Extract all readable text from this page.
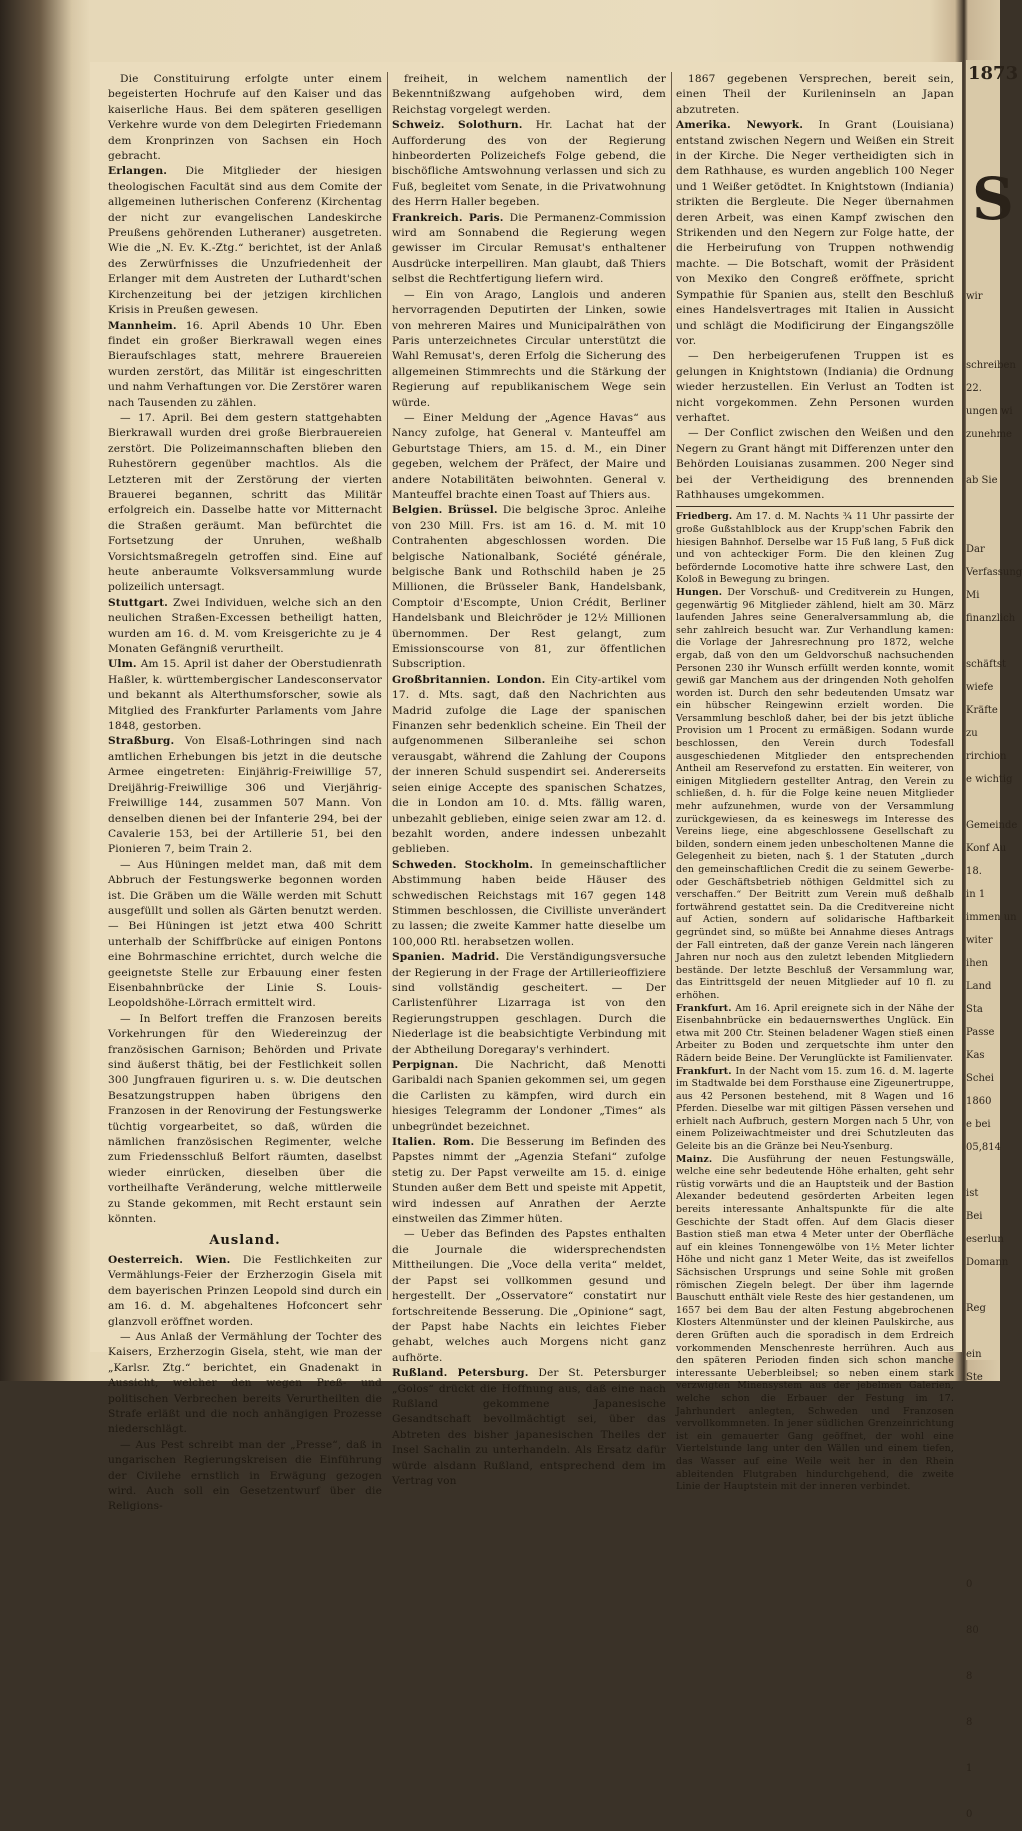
Die Constituirung erfolgte unter einem begeisterten Hochrufe auf den Kaiser und das kaiserliche Haus. Bei dem späteren geselligen Verkehre wurde von dem Delegirten Friedemann dem Kronprinzen von Sachsen ein Hoch gebracht.

Erlangen. Die Mitglieder der hiesigen theologischen Facultät sind aus dem Comite der allgemeinen lutherischen Conferenz (Kirchentag der nicht zur evangelischen Landeskirche Preußens gehörenden Lutheraner) ausgetreten. Wie die „N. Ev. K.-Ztg.“ berichtet, ist der Anlaß des Zerwürfnisses die Unzufriedenheit der Erlanger mit dem Austreten der Luthardt'schen Kirchenzeitung bei der jetzigen kirchlichen Krisis in Preußen gewesen.

Mannheim. 16. April Abends 10 Uhr. Eben findet ein großer Bierkrawall wegen eines Bieraufschlages statt, mehrere Brauereien wurden zerstört, das Militär ist eingeschritten und nahm Verhaftungen vor. Die Zerstörer waren nach Tausenden zu zählen.

— 17. April. Bei dem gestern stattgehabten Bierkrawall wurden drei große Bierbrauereien zerstört. Die Polizeimannschaften blieben den Ruhestörern gegenüber machtlos. Als die Letzteren mit der Zerstörung der vierten Brauerei begannen, schritt das Militär erfolgreich ein. Dasselbe hatte vor Mitternacht die Straßen geräumt. Man befürchtet die Fortsetzung der Unruhen, weßhalb Vorsichtsmaßregeln getroffen sind. Eine auf heute anberaumte Volksversammlung wurde polizeilich untersagt.

Stuttgart. Zwei Individuen, welche sich an den neulichen Straßen-Excessen betheiligt hatten, wurden am 16. d. M. vom Kreisgerichte zu je 4 Monaten Gefängniß verurtheilt.

Ulm. Am 15. April ist daher der Oberstudienrath Haßler, k. württembergischer Landesconservator und bekannt als Alterthumsforscher, sowie als Mitglied des Frankfurter Parlaments vom Jahre 1848, gestorben.

Straßburg. Von Elsaß-Lothringen sind nach amtlichen Erhebungen bis jetzt in die deutsche Armee eingetreten: Einjährig-Freiwillige 57, Dreijährig-Freiwillige 306 und Vierjährig-Freiwillige 144, zusammen 507 Mann. Von denselben dienen bei der Infanterie 294, bei der Cavalerie 153, bei der Artillerie 51, bei den Pionieren 7, beim Train 2.

— Aus Hüningen meldet man, daß mit dem Abbruch der Festungswerke begonnen worden ist. Die Gräben um die Wälle werden mit Schutt ausgefüllt und sollen als Gärten benutzt werden. — Bei Hüningen ist jetzt etwa 400 Schritt unterhalb der Schiffbrücke auf einigen Pontons eine Bohrmaschine errichtet, durch welche die geeignetste Stelle zur Erbauung einer festen Eisenbahnbrücke der Linie S. Louis-Leopoldshöhe-Lörrach ermittelt wird.

— In Belfort treffen die Franzosen bereits Vorkehrungen für den Wiedereinzug der französischen Garnison; Behörden und Private sind äußerst thätig, bei der Festlichkeit sollen 300 Jungfrauen figuriren u. s. w. Die deutschen Besatzungstruppen haben übrigens den Franzosen in der Renovirung der Festungswerke tüchtig vorgearbeitet, so daß, würden die nämlichen französischen Regimenter, welche zum Friedensschluß Belfort räumten, daselbst wieder einrücken, dieselben über die vortheilhafte Veränderung, welche mittlerweile zu Stande gekommen, mit Recht erstaunt sein könnten.

Ausland.

Oesterreich. Wien. Die Festlichkeiten zur Vermählungs-Feier der Erzherzogin Gisela mit dem bayerischen Prinzen Leopold sind durch ein am 16. d. M. abgehaltenes Hofconcert sehr glanzvoll eröffnet worden.

— Aus Anlaß der Vermählung der Tochter des Kaisers, Erzherzogin Gisela, steht, wie man der „Karlsr. Ztg.“ berichtet, ein Gnadenakt in Aussicht, welcher den wegen Preß- und politischen Verbrechen bereits Verurtheilten die Strafe erläßt und die noch anhängigen Prozesse niederschlägt.

— Aus Pest schreibt man der „Presse“, daß in ungarischen Regierungskreisen die Einführung der Civilehe ernstlich in Erwägung gezogen wird. Auch soll ein Gesetzentwurf über die Religions-

freiheit, in welchem namentlich der Bekenntnißzwang aufgehoben wird, dem Reichstag vorgelegt werden.

Schweiz. Solothurn. Hr. Lachat hat der Aufforderung des von der Regierung hinbeorderten Polizeichefs Folge gebend, die bischöfliche Amtswohnung verlassen und sich zu Fuß, begleitet vom Senate, in die Privatwohnung des Herrn Haller begeben.

Frankreich. Paris. Die Permanenz-Commission wird am Sonnabend die Regierung wegen gewisser im Circular Remusat's enthaltener Ausdrücke interpelliren. Man glaubt, daß Thiers selbst die Rechtfertigung liefern wird.

— Ein von Arago, Langlois und anderen hervorragenden Deputirten der Linken, sowie von mehreren Maires und Municipalräthen von Paris unterzeichnetes Circular unterstützt die Wahl Remusat's, deren Erfolg die Sicherung des allgemeinen Stimmrechts und die Stärkung der Regierung auf republikanischem Wege sein würde.

— Einer Meldung der „Agence Havas“ aus Nancy zufolge, hat General v. Manteuffel am Geburtstage Thiers, am 15. d. M., ein Diner gegeben, welchem der Präfect, der Maire und andere Notabilitäten beiwohnten. General v. Manteuffel brachte einen Toast auf Thiers aus.

Belgien. Brüssel. Die belgische 3proc. Anleihe von 230 Mill. Frs. ist am 16. d. M. mit 10 Contrahenten abgeschlossen worden. Die belgische Nationalbank, Société générale, belgische Bank und Rothschild haben je 25 Millionen, die Brüsseler Bank, Handelsbank, Comptoir d'Escompte, Union Crédit, Berliner Handelsbank und Bleichröder je 12½ Millionen übernommen. Der Rest gelangt, zum Emissionscourse von 81, zur öffentlichen Subscription.

Großbritannien. London. Ein City-artikel vom 17. d. Mts. sagt, daß den Nachrichten aus Madrid zufolge die Lage der spanischen Finanzen sehr bedenklich scheine. Ein Theil der aufgenommenen Silberanleihe sei schon verausgabt, während die Zahlung der Coupons der inneren Schuld suspendirt sei. Andererseits seien einige Accepte des spanischen Schatzes, die in London am 10. d. Mts. fällig waren, unbezahlt geblieben, einige seien zwar am 12. d. bezahlt worden, andere indessen unbezahlt geblieben.

Schweden. Stockholm. In gemeinschaftlicher Abstimmung haben beide Häuser des schwedischen Reichstags mit 167 gegen 148 Stimmen beschlossen, die Civilliste unverändert zu lassen; die zweite Kammer hatte dieselbe um 100,000 Rtl. herabsetzen wollen.

Spanien. Madrid. Die Verständigungsversuche der Regierung in der Frage der Artillerieoffiziere sind vollständig gescheitert. — Der Carlistenführer Lizarraga ist von den Regierungstruppen geschlagen. Durch die Niederlage ist die beabsichtigte Verbindung mit der Abtheilung Doregaray's verhindert.

Perpignan. Die Nachricht, daß Menotti Garibaldi nach Spanien gekommen sei, um gegen die Carlisten zu kämpfen, wird durch ein hiesiges Telegramm der Londoner „Times“ als unbegründet bezeichnet.

Italien. Rom. Die Besserung im Befinden des Papstes nimmt der „Agenzia Stefani“ zufolge stetig zu. Der Papst verweilte am 15. d. einige Stunden außer dem Bett und speiste mit Appetit, wird indessen auf Anrathen der Aerzte einstweilen das Zimmer hüten.

— Ueber das Befinden des Papstes enthalten die Journale die widersprechendsten Mittheilungen. Die „Voce della verita“ meldet, der Papst sei vollkommen gesund und hergestellt. Der „Osservatore“ constatirt nur fortschreitende Besserung. Die „Opinione“ sagt, der Papst habe Nachts ein leichtes Fieber gehabt, welches auch Morgens nicht ganz aufhörte.

Rußland. Petersburg. Der St. Petersburger „Golos“ drückt die Hoffnung aus, daß eine nach Rußland gekommene Japanesische Gesandtschaft bevollmächtigt sei, über das Abtreten des bisher japanesischen Theiles der Insel Sachalin zu unterhandeln. Als Ersatz dafür würde alsdann Rußland, entsprechend dem im Vertrag von

1867 gegebenen Versprechen, bereit sein, einen Theil der Kurileninseln an Japan abzutreten.

Amerika. Newyork. In Grant (Louisiana) entstand zwischen Negern und Weißen ein Streit in der Kirche. Die Neger vertheidigten sich in dem Rathhause, es wurden angeblich 100 Neger und 1 Weißer getödtet. In Knightstown (Indiania) strikten die Bergleute. Die Neger übernahmen deren Arbeit, was einen Kampf zwischen den Strikenden und den Negern zur Folge hatte, der die Herbeirufung von Truppen nothwendig machte. — Die Botschaft, womit der Präsident von Mexiko den Congreß eröffnete, spricht Sympathie für Spanien aus, stellt den Beschluß eines Handelsvertrages mit Italien in Aussicht und schlägt die Modificirung der Eingangszölle vor.

— Den herbeigerufenen Truppen ist es gelungen in Knightstown (Indiania) die Ordnung wieder herzustellen. Ein Verlust an Todten ist nicht vorgekommen. Zehn Personen wurden verhaftet.

— Der Conflict zwischen den Weißen und den Negern zu Grant hängt mit Differenzen unter den Behörden Louisianas zusammen. 200 Neger sind bei der Vertheidigung des brennenden Rathhauses umgekommen.

Friedberg. Am 17. d. M. Nachts ¾ 11 Uhr passirte der große Gußstahlblock aus der Krupp'schen Fabrik den hiesigen Bahnhof. Derselbe war 15 Fuß lang, 5 Fuß dick und von achteckiger Form. Die den kleinen Zug befördernde Locomotive hatte ihre schwere Last, den Koloß in Bewegung zu bringen.

Hungen. Der Vorschuß- und Creditverein zu Hungen, gegenwärtig 96 Mitglieder zählend, hielt am 30. März laufenden Jahres seine Generalversammlung ab, die sehr zahlreich besucht war. Zur Verhandlung kamen: die Vorlage der Jahresrechnung pro 1872, welche ergab, daß von den um Geldvorschuß nachsuchenden Personen 230 ihr Wunsch erfüllt werden konnte, womit gewiß gar Manchem aus der dringenden Noth geholfen worden ist. Durch den sehr bedeutenden Umsatz war ein hübscher Reingewinn erzielt worden. Die Versammlung beschloß daher, bei der bis jetzt übliche Provision um 1 Procent zu ermäßigen. Sodann wurde beschlossen, den Verein durch Todesfall ausgeschiedenen Mitglieder den entsprechenden Antheil am Reservefond zu erstatten. Ein weiterer, von einigen Mitgliedern gestellter Antrag, den Verein zu schließen, d. h. für die Folge keine neuen Mitglieder mehr aufzunehmen, wurde von der Versammlung zurückgewiesen, da es keineswegs im Interesse des Vereins liege, eine abgeschlossene Gesellschaft zu bilden, sondern einem jeden unbescholtenen Manne die Gelegenheit zu bieten, nach §. 1 der Statuten „durch den gemeinschaftlichen Credit die zu seinem Gewerbe- oder Geschäftsbetrieb nöthigen Geldmittel sich zu verschaffen.“ Der Beitritt zum Verein muß deßhalb fortwährend gestattet sein. Da die Creditvereine nicht auf Actien, sondern auf solidarische Haftbarkeit gegründet sind, so müßte bei Annahme dieses Antrags der Fall eintreten, daß der ganze Verein nach längeren Jahren nur noch aus den zuletzt lebenden Mitgliedern bestände. Der letzte Beschluß der Versammlung war, das Eintrittsgeld der neuen Mitglieder auf 10 fl. zu erhöhen.

Frankfurt. Am 16. April ereignete sich in der Nähe der Eisenbahnbrücke ein bedauernswerthes Unglück. Ein etwa mit 200 Ctr. Steinen beladener Wagen stieß einen Arbeiter zu Boden und zerquetschte ihm unter den Rädern beide Beine. Der Verunglückte ist Familienvater.

Frankfurt. In der Nacht vom 15. zum 16. d. M. lagerte im Stadtwalde bei dem Forsthause eine Zigeunertruppe, aus 42 Personen bestehend, mit 8 Wagen und 16 Pferden. Dieselbe war mit giltigen Pässen versehen und erhielt nach Aufbruch, gestern Morgen nach 5 Uhr, von einem Polizeiwachtmeister und drei Schutzleuten das Geleite bis an die Gränze bei Neu-Ysenburg.

Mainz. Die Ausführung der neuen Festungswälle, welche eine sehr bedeutende Höhe erhalten, geht sehr rüstig vorwärts und die an Hauptsteik und der Bastion Alexander bedeutend gesörderten Arbeiten legen bereits interessante Anhaltspunkte für die alte Geschichte der Stadt offen. Auf dem Glacis dieser Bastion stieß man etwa 4 Meter unter der Oberfläche auf ein kleines Tonnengewölbe von 1½ Meter lichter Höhe und nicht ganz 1 Meter Weite, das ist zweifellos Sächsischen Ursprungs und seine Sohle mit großen römischen Ziegeln belegt. Der über ihm lagernde Bauschutt enthält viele Reste des hier gestandenen, um 1657 bei dem Bau der alten Festung abgebrochenen Klosters Altenmünster und der kleinen Paulskirche, aus deren Grüften auch die sporadisch in dem Erdreich vorkommenden Menschenreste herrühren. Auch aus den späteren Perioden finden sich schon manche interessante Ueberbleibsel; so neben einem stark verzwigten Minensystem aus der jebelmen Galerien, welche schon die Erbauer der Festung im 17. Jahrhundert anlegten, Schweden und Franzosen vervollkommneten. In jener südlichen Grenzeinrichtung ist ein gemauerter Gang geöffnet, der wohl eine Viertelstunde lang unter den Wällen und einem tiefen, das Wasser auf eine Weile weit her in den Rhein ableitenden Flutgraben hindurchgehend, die zweite Linie der Hauptstein mit der inneren verbindet.

1873
S
wir
schreiben
22.
ungen wi
zunehme
ab Sie
Dar
Verfassung
Mi
finanzlich
schäftst
wiefe
Kräfte
zu
rirchion
e wichtig
Gemeinde
Konf Au
18.
in 1
immen un
witer
ihen
Land
Sta
Passe
Kas
Schei
1860
e bei
05,814
ist
Bei
eserlun
Domann
Reg
ein
Ste
0
80
8
8
1
0
